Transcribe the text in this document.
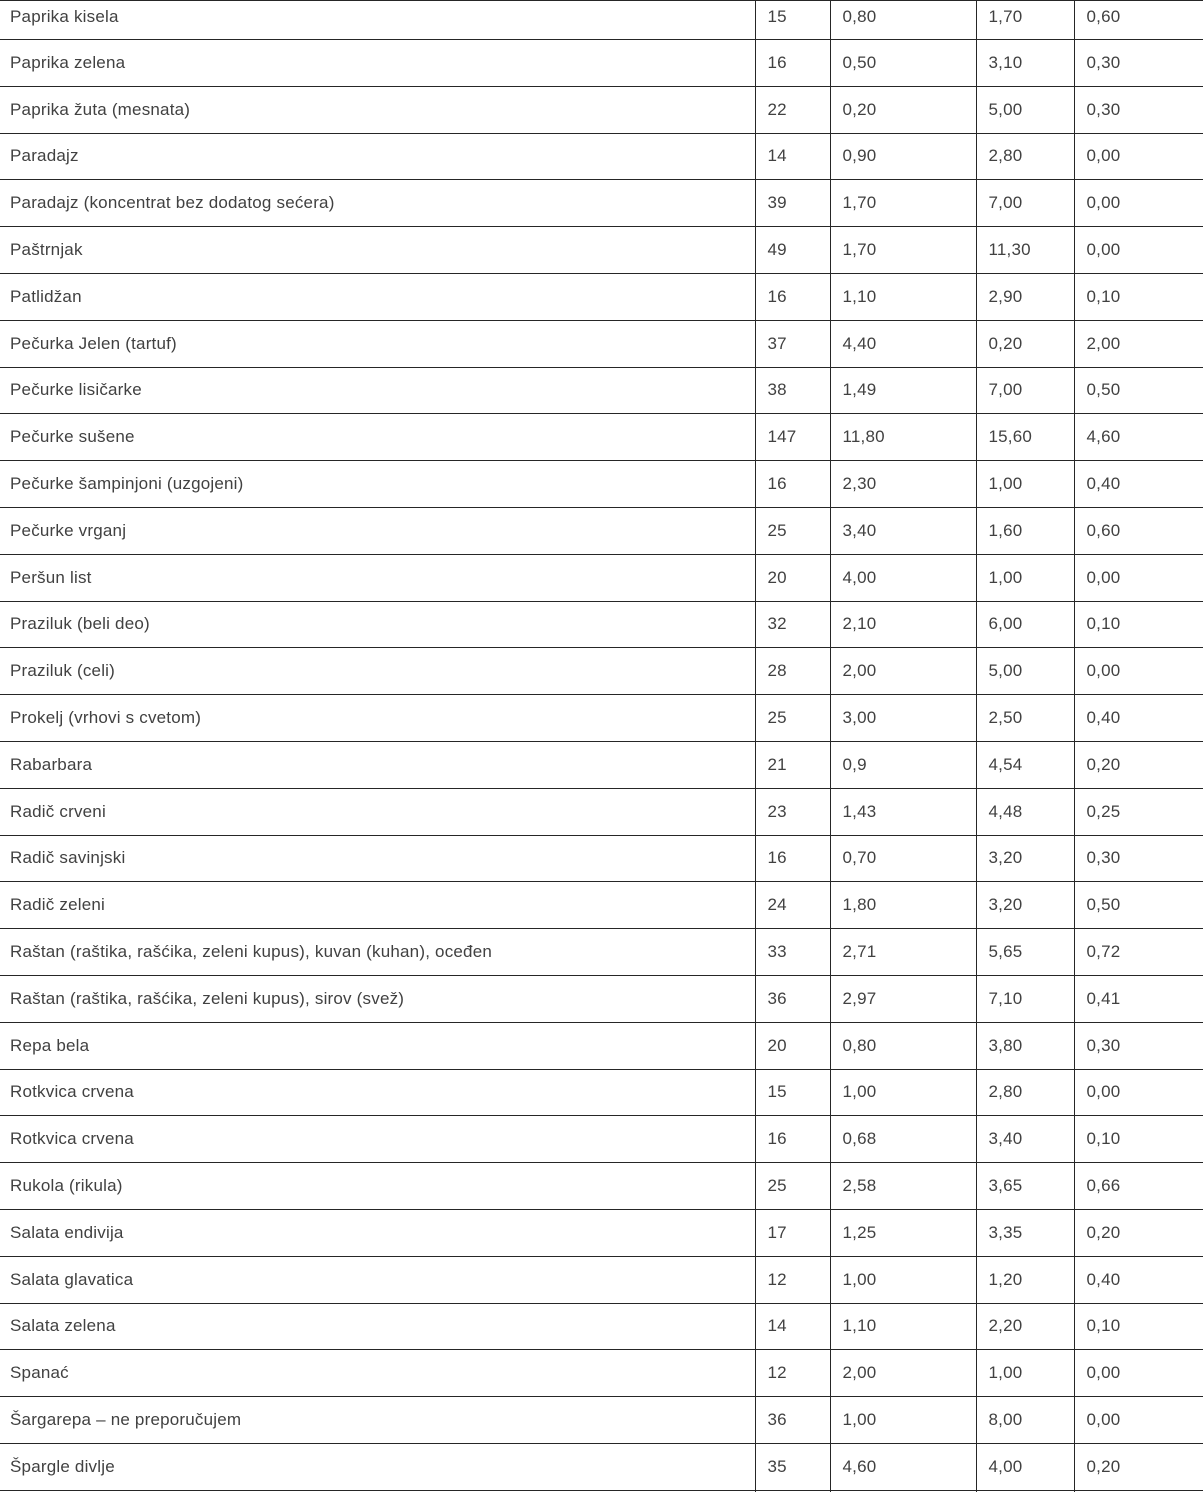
Paprika kisela	15	0,80	1,70	0,60
Paprika zelena	16	0,50	3,10	0,30
Paprika žuta (mesnata)	22	0,20	5,00	0,30
Paradajz	14	0,90	2,80	0,00
Paradajz (koncentrat bez dodatog sećera)	39	1,70	7,00	0,00
Paštrnjak	49	1,70	11,30	0,00
Patlidžan	16	1,10	2,90	0,10
Pečurka Jelen (tartuf)	37	4,40	0,20	2,00
Pečurke lisičarke	38	1,49	7,00	0,50
Pečurke sušene	147	11,80	15,60	4,60
Pečurke šampinjoni (uzgojeni)	16	2,30	1,00	0,40
Pečurke vrganj	25	3,40	1,60	0,60
Peršun list	20	4,00	1,00	0,00
Praziluk (beli deo)	32	2,10	6,00	0,10
Praziluk (celi)	28	2,00	5,00	0,00
Prokelj (vrhovi s cvetom)	25	3,00	2,50	0,40
Rabarbara	21	0,9	4,54	0,20
Radič crveni	23	1,43	4,48	0,25
Radič savinjski	16	0,70	3,20	0,30
Radič zeleni	24	1,80	3,20	0,50
Raštan (raštika, rašćika, zeleni kupus), kuvan (kuhan), oceđen	33	2,71	5,65	0,72
Raštan (raštika, rašćika, zeleni kupus), sirov (svež)	36	2,97	7,10	0,41
Repa bela	20	0,80	3,80	0,30
Rotkvica crvena	15	1,00	2,80	0,00
Rotkvica crvena	16	0,68	3,40	0,10
Rukola (rikula)	25	2,58	3,65	0,66
Salata endivija	17	1,25	3,35	0,20
Salata glavatica	12	1,00	1,20	0,40
Salata zelena	14	1,10	2,20	0,10
Spanać	12	2,00	1,00	0,00
Šargarepa – ne preporučujem	36	1,00	8,00	0,00
Špargle divlje	35	4,60	4,00	0,20
